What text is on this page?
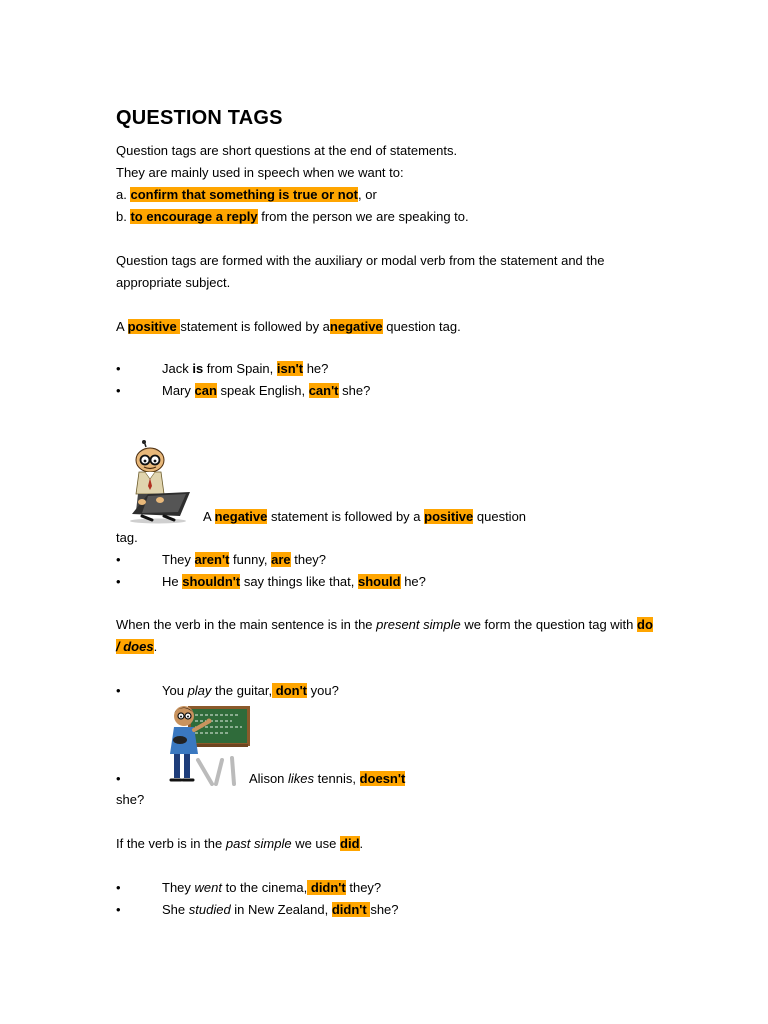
QUESTION TAGS
Question tags are short questions at the end of statements.
They are mainly used in speech when we want to:
a. confirm that something is true or not, or
b. to encourage a reply from the person we are speaking to.
Question tags are formed with the auxiliary or modal verb from the statement and the
appropriate subject.
A positive statement is followed by anegative question tag.
•	Jack is from Spain, isn't he?
•	Mary can speak English, can't she?
A negative statement is followed by a positive question
tag.
•	They aren't funny, are they?
•	He shouldn't say things like that, should he?
When the verb in the main sentence is in the present simple we form the question tag with do
/ does.
•	You play the guitar, don't you?
•	Alison likes tennis, doesn't
she?
If the verb is in the past simple we use did.
•	They went to the cinema, didn't they?
•	She studied in New Zealand, didn't she?
